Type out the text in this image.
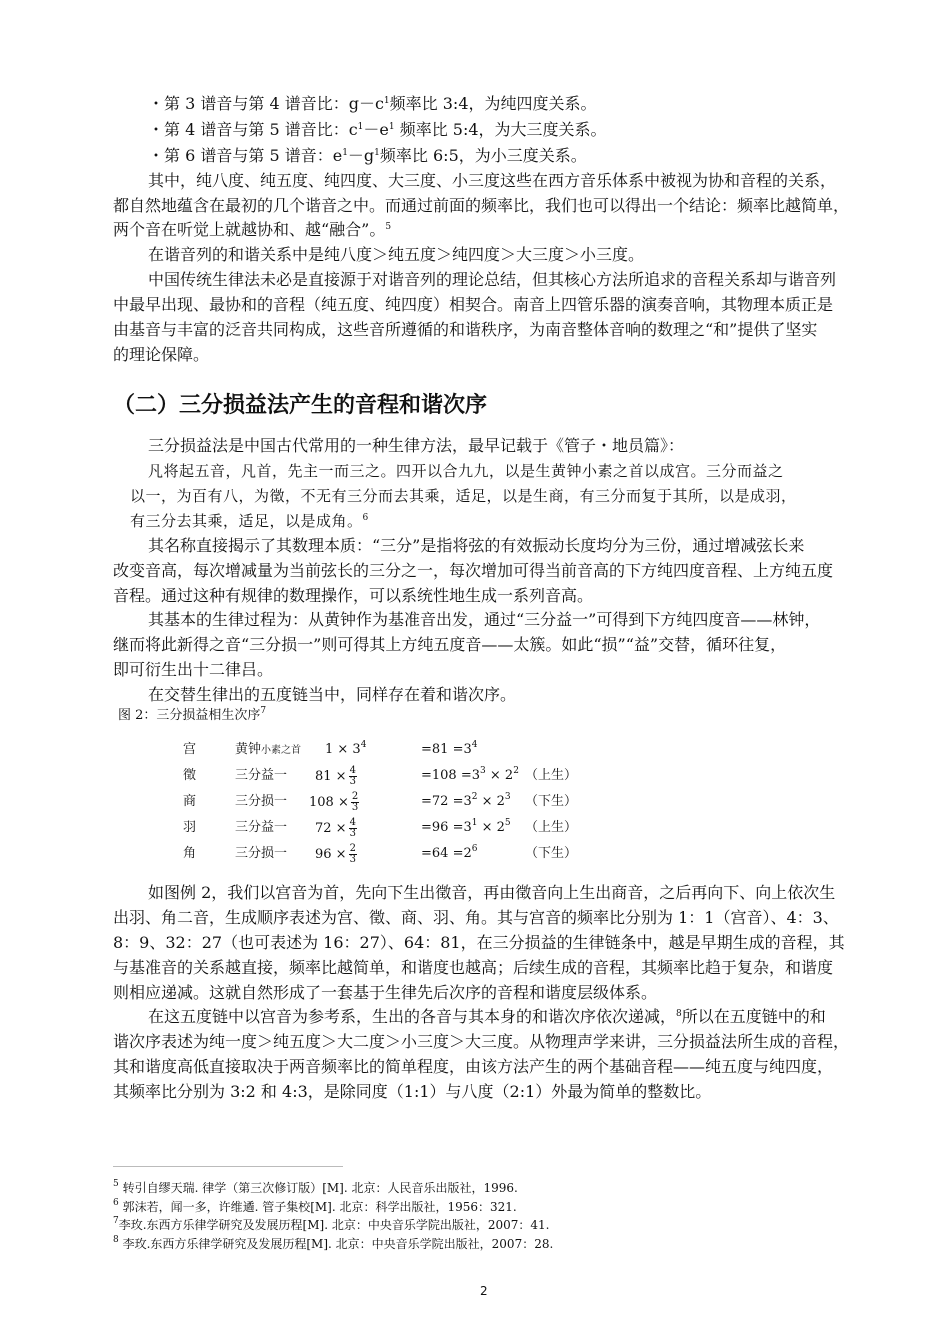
・第 3 谱音与第 4 谱音比：$g-c^1$频率比 3:4，为纯四度关系。
・第 4 谱音与第 5 谱音比：$c^1-e^1$ 频率比 5:4，为大三度关系。
・第 6 谱音与第 5 谱音：$e^1-g^1$频率比 6:5，为小三度关系。
其中，纯八度、纯五度、纯四度、大三度、小三度这些在西方音乐体系中被视为协和音程的关系，
都自然地蕴含在最初的几个谐音之中。而通过前面的频率比，我们也可以得出一个结论：频率比越简单，
两个音在听觉上就越协和、越“融合”。$^5$
在谐音列的和谐关系中是纯八度＞纯五度＞纯四度＞大三度＞小三度。
中国传统生律法未必是直接源于对谐音列的理论总结，但其核心方法所追求的音程关系却与谐音列
中最早出现、最协和的音程（纯五度、纯四度）相契合。南音上四管乐器的演奏音响，其物理本质正是
由基音与丰富的泛音共同构成，这些音所遵循的和谐秩序，为南音整体音响的数理之“和”提供了坚实
的理论保障。
（二）三分损益法产生的音程和谐次序
三分损益法是中国古代常用的一种生律方法，最早记载于《管子・地员篇》：
凡将起五音，凡首，先主一而三之。四开以合九九，以是生黄钟小素之首以成宫。三分而益之
以一，为百有八，为徵，不无有三分而去其乘，适足，以是生商，有三分而复于其所，以是成羽，
有三分去其乘，适足，以是成角。$^6$
其名称直接揭示了其数理本质：“三分”是指将弦的有效振动长度均分为三份，通过增减弦长来
改变音高，每次增减量为当前弦长的三分之一，每次增加可得当前音高的下方纯四度音程、上方纯五度
音程。通过这种有规律的数理操作，可以系统性地生成一系列音高。
其基本的生律过程为：从黄钟作为基准音出发，通过“三分益一”可得到下方纯四度音——林钟，
继而将此新得之音“三分损一”则可得其上方纯五度音——太簇。如此“损”“益”交替，循环往复，
即可衍生出十二律吕。
在交替生律出的五度链当中，同样存在着和谐次序。
图 2：三分损益相生次序$^7$
宫	黄钟小素之首 $1 \times 3^4$	$=81 =3^4$
徵	三分益一 $81 \times \frac{4}{3}$	$=108 =3^3 \times 2^2$ （上生）
商	三分损一 $108 \times \frac{2}{3}$	$=72 =3^2 \times 2^3$ （下生）
羽	三分益一 $72 \times \frac{4}{3}$	$=96 =3^1 \times 2^5$ （上生）
角	三分损一 $96 \times \frac{2}{3}$	$=64 =2^6$	（下生）
如图例 2，我们以宫音为首，先向下生出徵音，再由徵音向上生出商音，之后再向下、向上依次生
出羽、角二音，生成顺序表述为宫、徵、商、羽、角。其与宫音的频率比分别为 1：1（宫音）、4：3、
8：9、32：27（也可表述为 16：27）、64：81，在三分损益的生律链条中，越是早期生成的音程，其
与基准音的关系越直接，频率比越简单，和谐度也越高；后续生成的音程，其频率比趋于复杂，和谐度
则相应递减。这就自然形成了一套基于生律先后次序的音程和谐度层级体系。
在这五度链中以宫音为参考系，生出的各音与其本身的和谐次序依次递减，$^8$所以在五度链中的和
谐次序表述为纯一度＞纯五度＞大二度＞小三度＞大三度。从物理声学来讲，三分损益法所生成的音程，
其和谐度高低直接取决于两音频率比的简单程度，由该方法产生的两个基础音程——纯五度与纯四度，
其频率比分别为 3:2 和 4:3，是除同度（1:1）与八度（2:1）外最为简单的整数比。
$^5$ 转引自缪天瑞. 律学（第三次修订版）[M]. 北京：人民音乐出版社，1996.
$^6$ 郭沫若，闻一多，许维遹. 管子集校[M]. 北京：科学出版社，1956：321.
$^7$李玫.东西方乐律学研究及发展历程[M]. 北京：中央音乐学院出版社，2007：41.
$^8$ 李玫.东西方乐律学研究及发展历程[M]. 北京：中央音乐学院出版社，2007：28.
2
